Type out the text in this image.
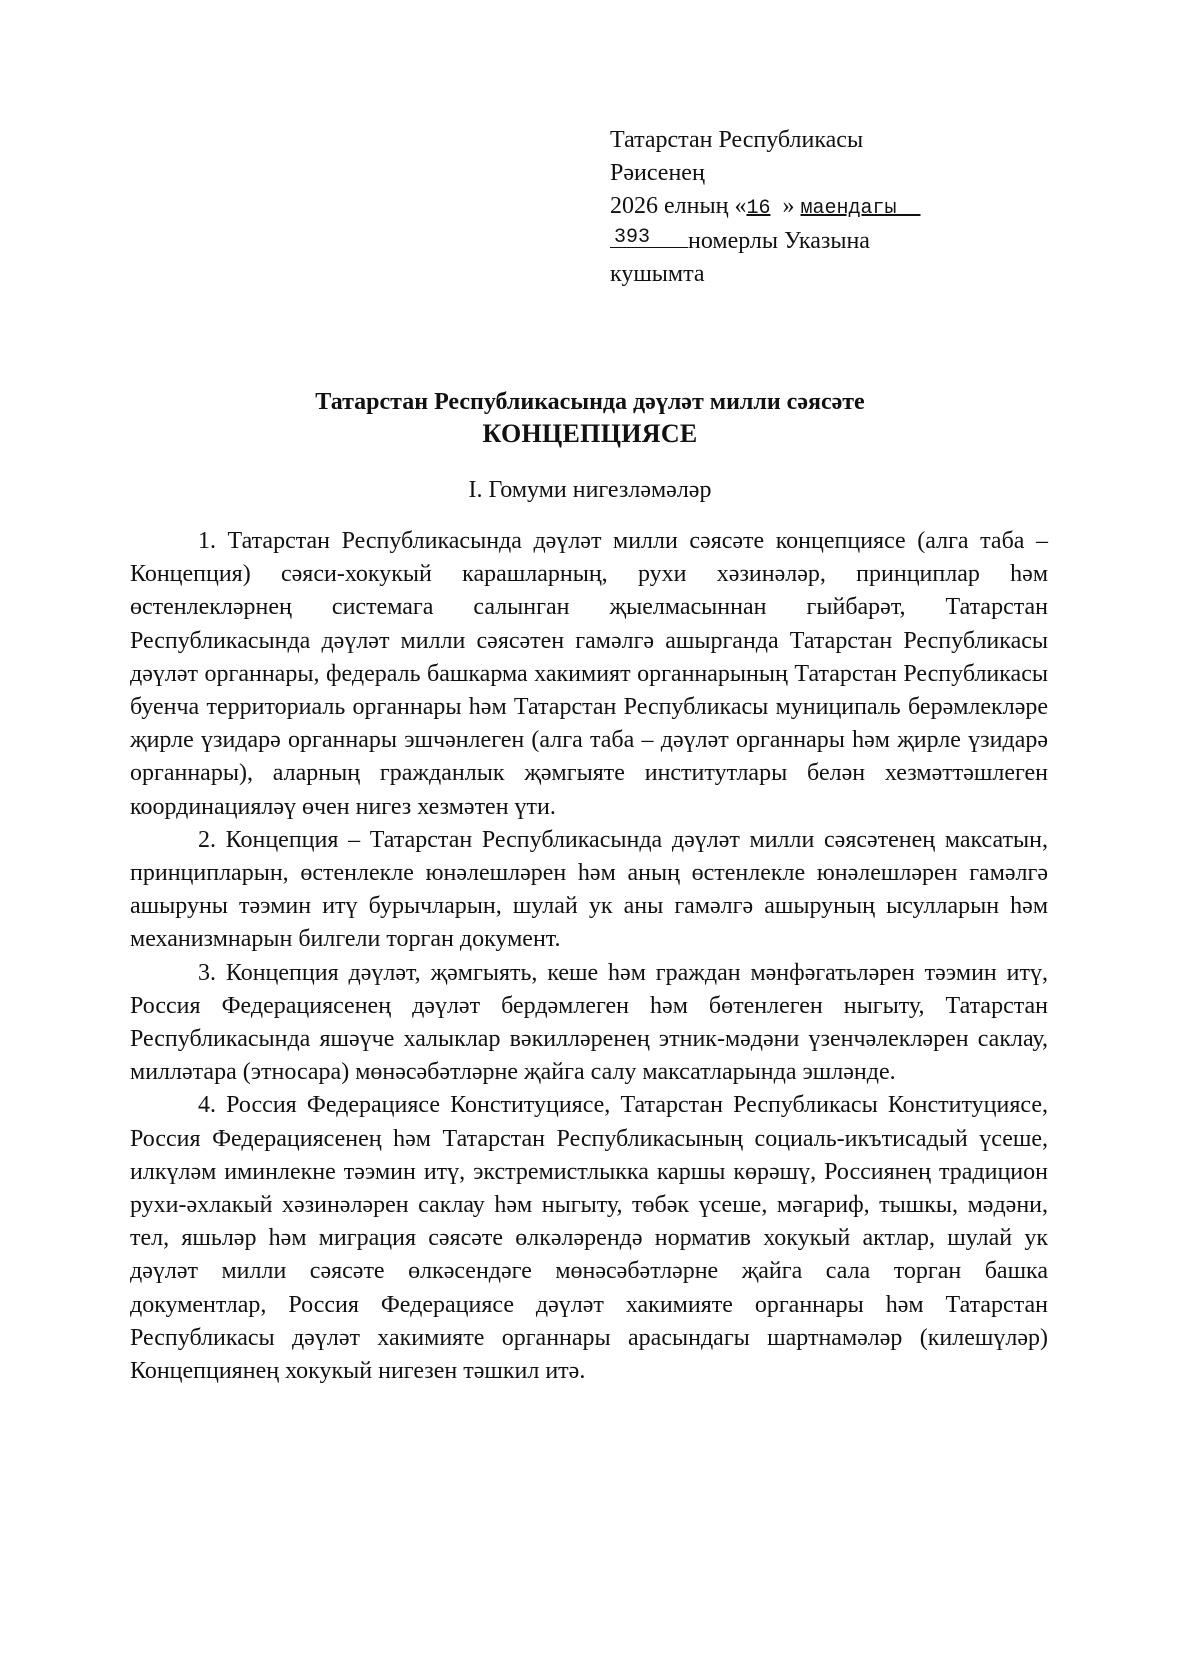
Татарстан Республикасы
Рәисенең
2026 елның «16 » маендагы
393 номерлы Указына
кушымта
Татарстан Республикасында дәүләт милли сәясәте
КОНЦЕПЦИЯСЕ
I. Гомуми нигезләмәләр

1. Татарстан Республикасында дәүләт милли сәясәте концепциясе (алга таба – Концепция) сәяси-хокукый карашларның, рухи хәзинәләр, принциплар һәм өстенлекләрнең системага салынган җыелмасыннан гыйбарәт, Татарстан Республикасында дәүләт милли сәясәтен гамәлгә ашырганда Татарстан Республикасы дәүләт органнары, федераль башкарма хакимият органнарының Татарстан Республикасы буенча территориаль органнары һәм Татарстан Республикасы муниципаль берәмлекләре җирле үзидарә органнары эшчәнлеген (алга таба – дәүләт органнары һәм җирле үзидарә органнары), аларның гражданлык җәмгыяте институтлары белән хезмәттәшлеген координацияләү өчен нигез хезмәтен үти.

2. Концепция – Татарстан Республикасында дәүләт милли сәясәтенең максатын, принципларын, өстенлекле юнәлешләрен һәм аның өстенлекле юнәлешләрен гамәлгә ашыруны тәэмин итү бурычларын, шулай ук аны гамәлгә ашыруның ысулларын һәм механизмнарын билгели торган документ.

3. Концепция дәүләт, җәмгыять, кеше һәм граждан мәнфәгатьләрен тәэмин итү, Россия Федерациясенең дәүләт бердәмлеген һәм бөтенлеген ныгыту, Татарстан Республикасында яшәүче халыклар вәкилләренең этник-мәдәни үзенчәлекләрен саклау, милләтара (этносара) мөнәсәбәтләрне җайга салу максатларында эшләнде.

4. Россия Федерациясе Конституциясе, Татарстан Республикасы Конституциясе, Россия Федерациясенең һәм Татарстан Республикасының социаль-икътисадый үсеше, илкүләм иминлекне тәэмин итү, экстремистлыкка каршы көрәшү, Россиянең традицион рухи-әхлакый хәзинәләрен саклау һәм ныгыту, төбәк үсеше, мәгариф, тышкы, мәдәни, тел, яшьләр һәм миграция сәясәте өлкәләрендә норматив хокукый актлар, шулай ук дәүләт милли сәясәте өлкәсендәге мөнәсәбәтләрне җайга сала торган башка документлар, Россия Федерациясе дәүләт хакимияте органнары һәм Татарстан Республикасы дәүләт хакимияте органнары арасындагы шартнамәләр (килешүләр) Концепциянең хокукый нигезен тәшкил итә.
